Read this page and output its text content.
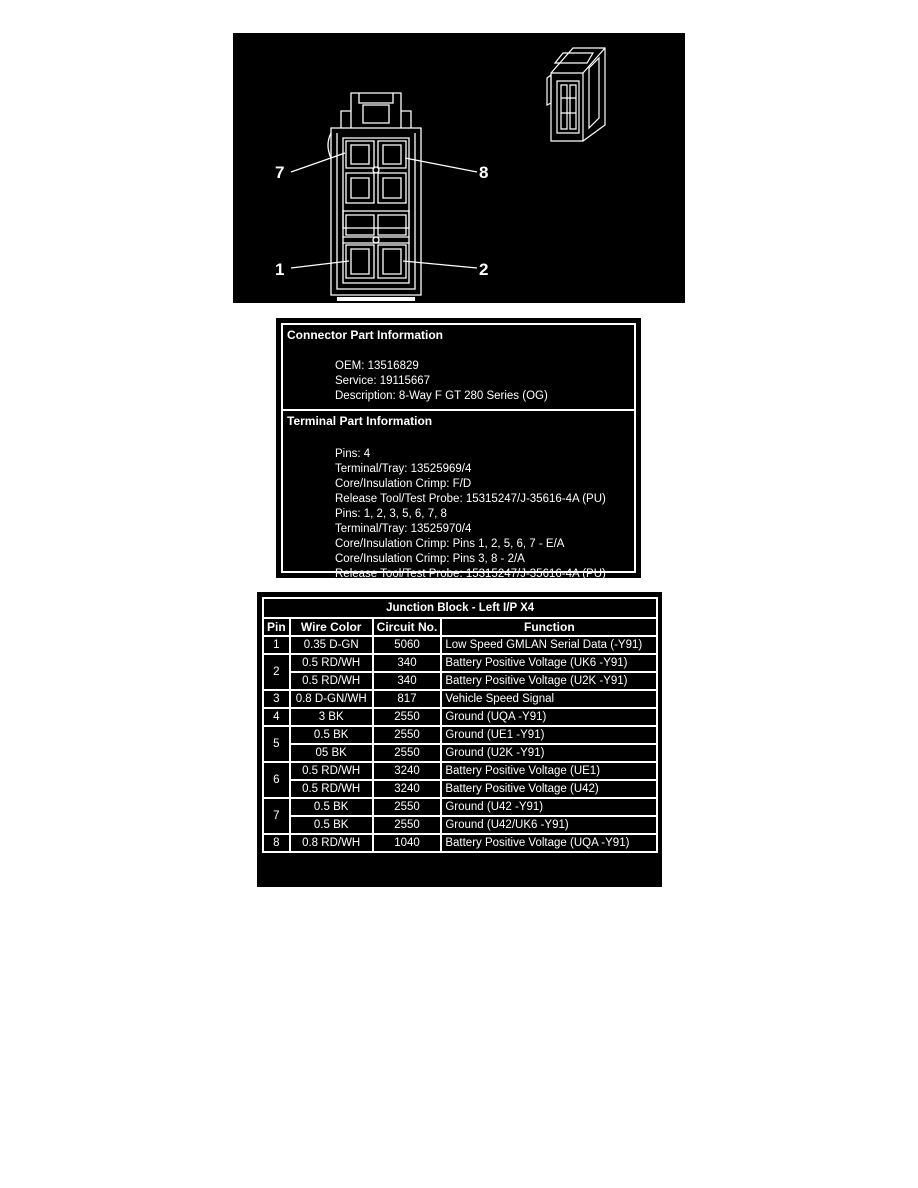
7	8
1	2
Connector Part Information
OEM: 13516829
Service: 19115667
Description: 8-Way F GT 280 Series (OG)
Terminal Part Information
Pins: 4
Terminal/Tray: 13525969/4
Core/Insulation Crimp: F/D
Release Tool/Test Probe: 15315247/J-35616-4A (PU)
Pins: 1, 2, 3, 5, 6, 7, 8
Terminal/Tray: 13525970/4
Core/Insulation Crimp: Pins 1, 2, 5, 6, 7 - E/A
Core/Insulation Crimp: Pins 3, 8 - 2/A
Release Tool/Test Probe: 15315247/J-35616-4A (PU)
Junction Block - Left I/P X4			
Pin	Wire Color	Circuit No.	Function
1	0.35 D-GN	5060	Low Speed GMLAN Serial Data (-Y91)
2	0.5 RD/WH	340	Battery Positive Voltage (UK6 -Y91)
	0.5 RD/WH	340	Battery Positive Voltage (U2K -Y91)
3	0.8 D-GN/WH	817	Vehicle Speed Signal
4	3 BK	2550	Ground (UQA -Y91)
5	0.5 BK	2550	Ground (UE1 -Y91)
	05 BK	2550	Ground (U2K -Y91)
6	0.5 RD/WH	3240	Battery Positive Voltage (UE1)
	0.5 RD/WH	3240	Battery Positive Voltage (U42)
7	0.5 BK	2550	Ground (U42 -Y91)
	0.5 BK	2550	Ground (U42/UK6 -Y91)
8	0.8 RD/WH	1040	Battery Positive Voltage (UQA -Y91)
